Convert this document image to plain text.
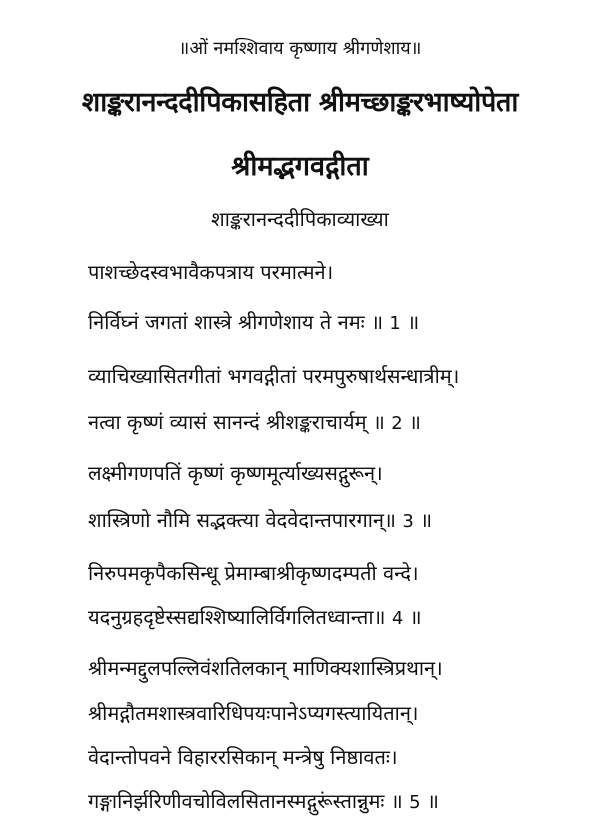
॥ओं नमश्शिवाय कृष्णाय श्रीगणेशाय॥
शाङ्करानन्ददीपिकासहिता श्रीमच्छाङ्करभाष्योपेता
श्रीमद्भगवद्गीता
शाङ्करानन्ददीपिकाव्याख्या
पाशच्छेदस्वभावैकपत्राय परमात्मने।
निर्विघ्नं जगतां शास्त्रे श्रीगणेशाय ते नमः ॥ 1 ॥
व्याचिख्यासितगीतां भगवद्गीतां परमपुरुषार्थसन्धात्रीम्।
नत्वा कृष्णं व्यासं सानन्दं श्रीशङ्कराचार्यम् ॥ 2 ॥
लक्ष्मीगणपतिं कृष्णं कृष्णमूर्त्याख्यसद्गुरून्।
शास्त्रिणो नौमि सद्भक्त्या वेदवेदान्तपारगान्॥ 3 ॥
निरुपमकृपैकसिन्धू प्रेमाम्बाश्रीकृष्णदम्पती वन्दे।
यदनुग्रहदृष्टेस्सद्यश्शिष्यालिर्विगलितध्वान्ता॥ 4 ॥
श्रीमन्मद्दुलपल्लिवंशतिलकान् माणिक्यशास्त्रिप्रथान्।
श्रीमद्गौतमशास्त्रवारिधिपयःपानेऽप्यगस्त्यायितान्।
वेदान्तोपवने विहाररसिकान् मन्त्रेषु निष्ठावतः।
गङ्गानिर्झरिणीवचोविलसितानस्मद्गुरूंस्तान्नुमः ॥ 5 ॥
